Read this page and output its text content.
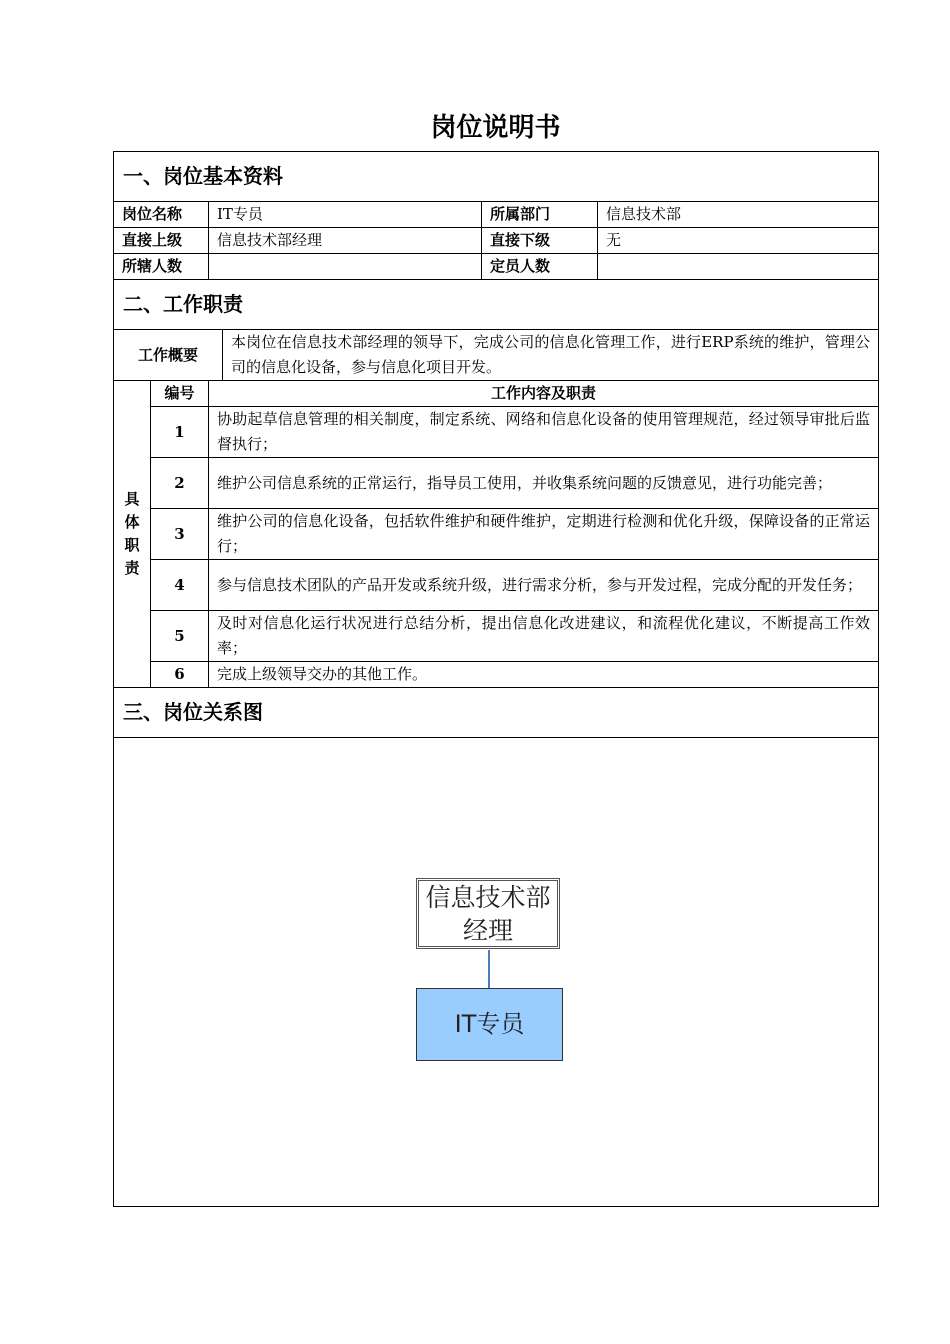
岗位说明书
一、岗位基本资料					
岗位名称		IT专员		所属部门	信息技术部
直接上级		信息技术部经理		直接下级	无
所辖人数				定员人数	
二、工作职责					
工作概要			本岗位在信息技术部经理的领导下，完成公司的信息化管理工作，进行ERP系统的维护，管理公司的信息化设备，参与信息化项目开发。		

具
体
职
责	编号	工作内容及职责			
	1	协助起草信息管理的相关制度，制定系统、网络和信息化设备的使用管理规范，经过领导审批后监督执行；			
	2	维护公司信息系统的正常运行，指导员工使用，并收集系统问题的反馈意见，进行功能完善；			
	3	维护公司的信息化设备，包括软件维护和硬件维护，定期进行检测和优化升级，保障设备的正常运行；			
	4	参与信息技术团队的产品开发或系统升级，进行需求分析，参与开发过程，完成分配的开发任务；			
	5	及时对信息化运行状况进行总结分析，提出信息化改进建议，和流程优化建议，不断提高工作效率；			
	6	完成上级领导交办的其他工作。			
三、岗位关系图					

信息技术部
经理
IT专员					
